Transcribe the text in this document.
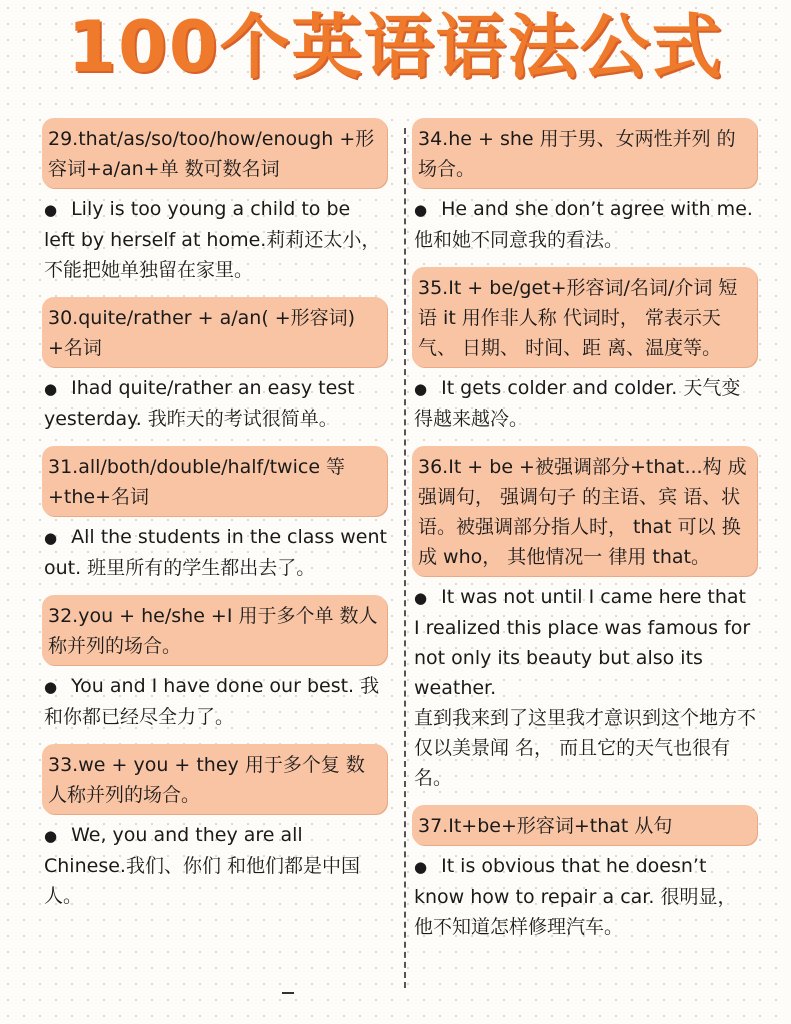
100个英语语法公式
29.that/as/so/too/how/enough +形容词+a/an+单 数可数名词
● Lily is too young a child to be left by herself at home.莉莉还太小， 不能把她单独留在家里。
30.quite/rather + a/an( +形容词) +名词
● Ihad quite/rather an easy test yesterday. 我昨天的考试很简单。
31.all/both/double/half/twice 等 +the+名词
● All the students in the class went out. 班里所有的学生都出去了。
32.you + he/she +I 用于多个单 数人称并列的场合。
● You and I have done our best. 我和你都已经尽全力了。
33.we + you + they 用于多个复 数人称并列的场合。
● We, you and they are all Chinese.我们、你们 和他们都是中国人。
34.he + she 用于男、女两性并列 的场合。
● He and she don’t agree with me. 他和她不同意我的看法。
35.It + be/get+形容词/名词/介词 短语 it 用作非人称 代词时， 常表示天气、 日期、 时间、距 离、温度等。
● It gets colder and colder. 天气变得越来越冷。
36.It + be +被强调部分+that...构 成强调句， 强调句子 的主语、宾 语、状语。被强调部分指人时， that 可以 换成 who， 其他情况一 律用 that。
● It was not until I came here that I realized this place was famous for not only its beauty but also its weather.
直到我来到了这里我才意识到这个地方不仅以美景闻 名， 而且它的天气也很有名。
37.It+be+形容词+that 从句
● It is obvious that he doesn’t know how to repair a car. 很明显， 他不知道怎样修理汽车。
